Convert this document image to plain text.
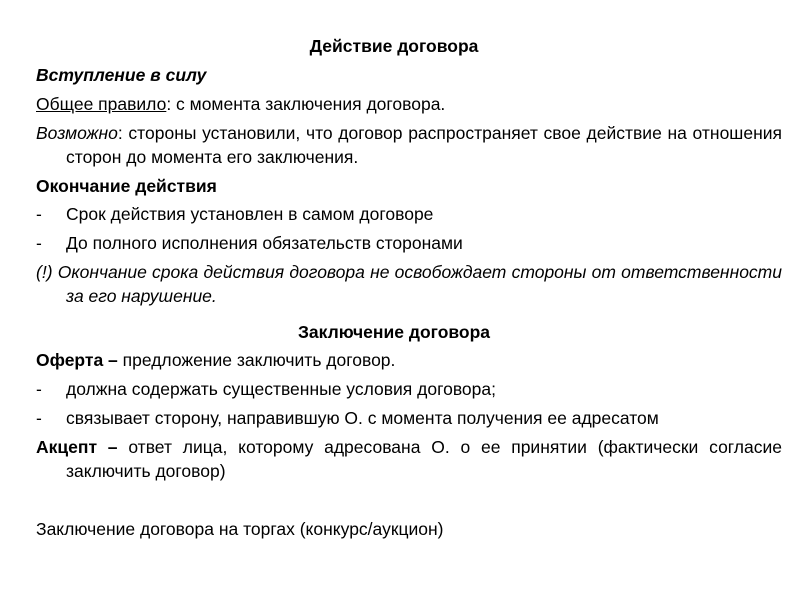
Действие договора
Вступление в силу
Общее правило: с момента заключения договора.
Возможно: стороны установили, что договор распространяет свое действие на отношения сторон до момента его заключения.
Окончание действия
- Срок действия установлен в самом договоре
- До полного исполнения обязательств сторонами
(!) Окончание срока действия договора не освобождает стороны от ответственности за его нарушение.
Заключение договора
Оферта – предложение заключить договор.
- должна содержать существенные условия договора;
- связывает сторону, направившую О. с момента получения ее адресатом
Акцепт – ответ лица, которому адресована О. о ее принятии (фактически согласие заключить договор)
Заключение договора на торгах (конкурс/аукцион)
